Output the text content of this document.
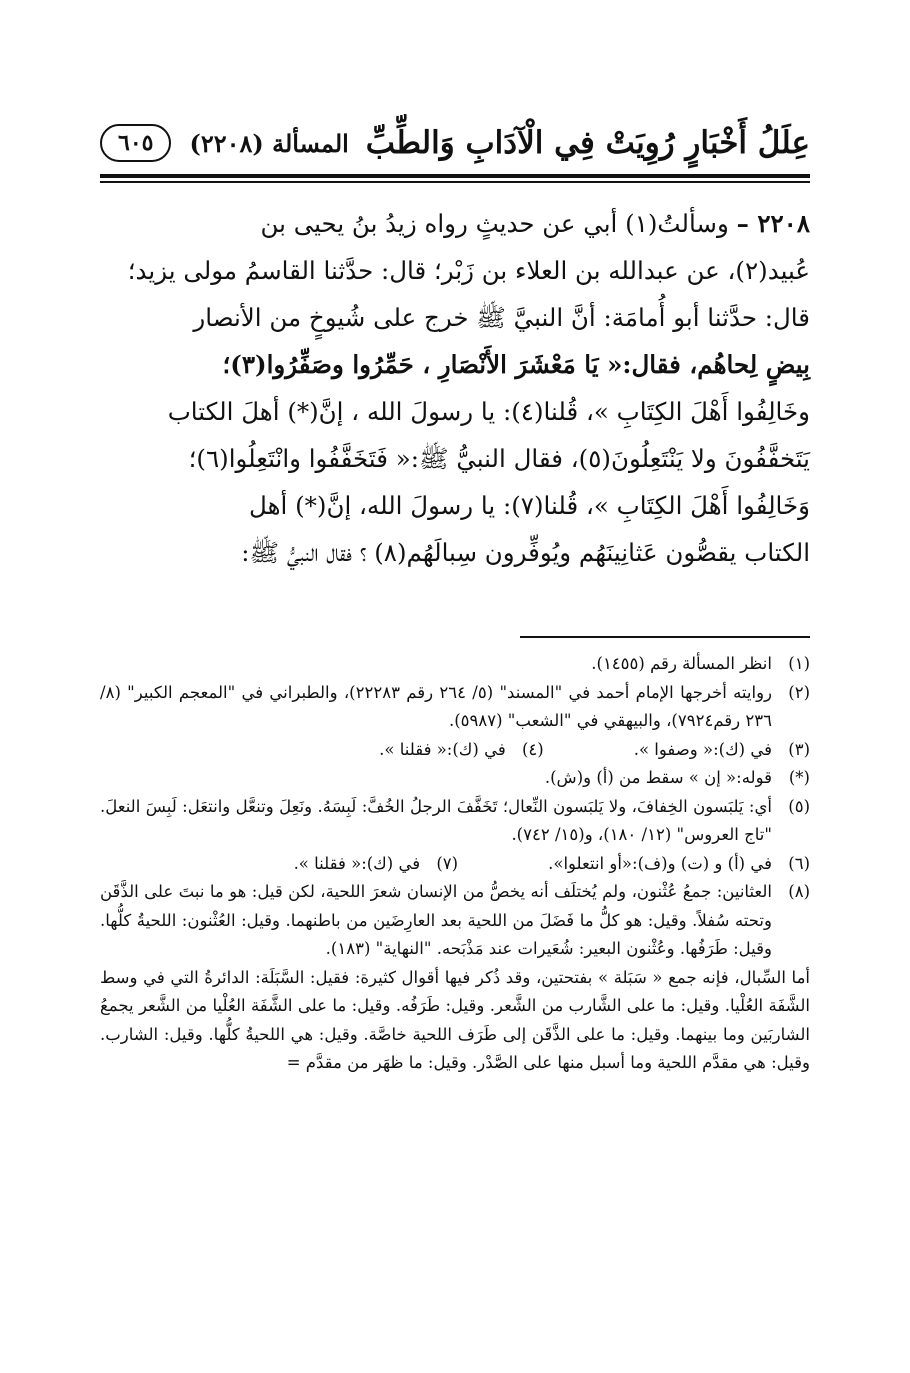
عِلَلُ أَخْبَارٍ رُوِيَتْ فِي الْآدَابِ وَالطِّبِّ
المسألة (٢٢٠٨)
٦٠٥

٢٢٠٨ – وسألتُ(١) أبي عن حديثٍ رواه زيدُ بنُ يحيى بن

عُبيد(٢)، عن عبدالله بن العلاء بن زَبْر؛ قال: حدَّثنا القاسمُ مولى يزيد؛

قال: حدَّثنا أبو أُمامَة: أنَّ النبيَّ ﷺ خرج على شُيوخٍ من الأنصار

بِيضٍ لِحاهُم، فقال:« يَا مَعْشَرَ الأَنْصَارِ ، حَمِّرُوا وصَفِّرُوا(٣)؛

وخَالِفُوا أَهْلَ الكِتَابِ »، قُلنا(٤): يا رسولَ الله ، إنَّ(*) أهلَ الكتاب

يَتَخفَّفُونَ ولا يَنْتَعِلُونَ(٥)، فقال النبيُّ ﷺ:« فَتَخَفَّفُوا وانْتَعِلُوا(٦)؛

وَخَالِفُوا أَهْلَ الكِتَابِ »، قُلنا(٧): يا رسولَ الله، إنَّ(*) أهل

الكتاب يقصُّون عَثانِينَهُم ويُوفِّرون سِبالَهُم(٨) ؟ فقال النبيُّ ﷺ:

(١)
انظر المسألة رقم (١٤٥٥).
(٢)
روايته أخرجها الإمام أحمد في "المسند" (٥/ ٢٦٤ رقم ٢٢٢٨٣)، والطبراني في "المعجم الكبير" (٨/ ٢٣٦ رقم٧٩٢٤)، والبيهقي في "الشعب" (٥٩٨٧).
(٣)
في (ك):« وصفوا ».
(٤)
في (ك):« فقلنا ».
(*)
قوله:« إن » سقط من (أ) و(ش).
(٥)
أي: يَلبَسون الخِفافَ، ولا يَلبَسون النِّعال؛ تَخَفَّفَ الرجلُ الخُفَّ: لَبِسَهُ. ونَعِلَ وتنعَّل وانتعَل: لَبِسَ النعلَ. "تاج العروس" (١٢/ ١٨٠)، و(١٥/ ٧٤٢).
(٦)
في (أ) و (ت) و(ف):«أو انتعلوا».
(٧)
في (ك):« فقلنا ».
(٨)
العثانين: جمعُ عُثْنون، ولم يُختلَف أنه يخصُّ من الإنسان شعرَ اللحية، لكن قيل: هو ما نبتَ على الذَّقَن وتحته سُفلاً. وقيل: هو كلُّ ما فَضَلَ من اللحية بعد العارِضَين من باطنهما. وقيل: العُثْنون: اللحيةُ كلُّها. وقيل: طَرَفُها. وعُثْنون البعير: شُعَيرات عند مَذْبَحه. "النهاية" (١٨٣).
أما السِّبال، فإنه جمع « سَبَلة » بفتحتين، وقد ذُكر فيها أقوال كثيرة: فقيل: السَّبَلَة: الدائرةُ التي في وسط الشَّفَة العُلْيا. وقيل: ما على الشَّارب من الشَّعر. وقيل: طَرَفُه. وقيل: ما على الشَّفَة العُلْيا من الشَّعر يجمعُ الشاربَين وما بينهما. وقيل: ما على الذَّقَن إلى طَرَف اللحية خاصَّة. وقيل: هي اللحيةُ كلُّها. وقيل: الشارب. وقيل: هي مقدَّم اللحية وما أسبل منها على الصَّدْر. وقيل: ما ظهَر من مقدَّم =
